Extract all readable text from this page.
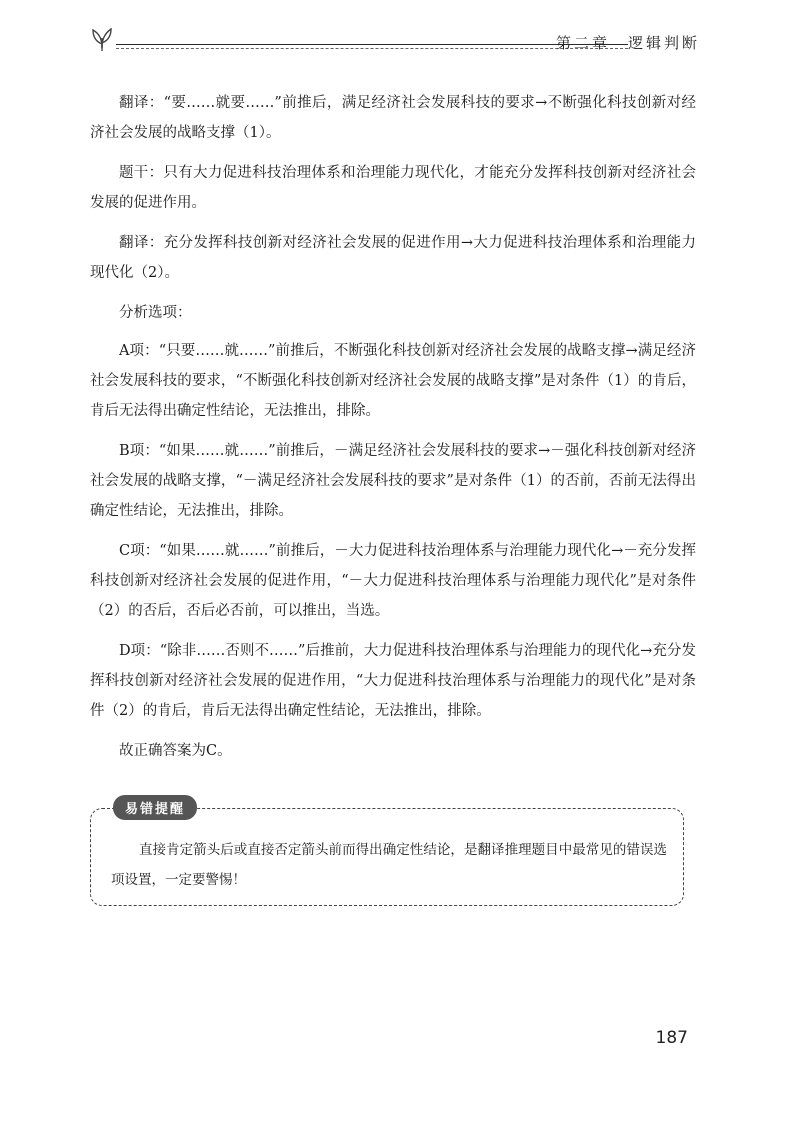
第二章　逻辑判断

翻译：“要……就要……”前推后，满足经济社会发展科技的要求→不断强化科技创新对经济社会发展的战略支撑（1）。

题干：只有大力促进科技治理体系和治理能力现代化，才能充分发挥科技创新对经济社会发展的促进作用。

翻译：充分发挥科技创新对经济社会发展的促进作用→大力促进科技治理体系和治理能力现代化（2）。

分析选项：

A项：“只要……就……”前推后，不断强化科技创新对经济社会发展的战略支撑→满足经济社会发展科技的要求，“不断强化科技创新对经济社会发展的战略支撑”是对条件（1）的肯后，肯后无法得出确定性结论，无法推出，排除。

B项：“如果……就……”前推后，－满足经济社会发展科技的要求→－强化科技创新对经济社会发展的战略支撑，“－满足经济社会发展科技的要求”是对条件（1）的否前，否前无法得出确定性结论，无法推出，排除。

C项：“如果……就……”前推后，－大力促进科技治理体系与治理能力现代化→－充分发挥科技创新对经济社会发展的促进作用，“－大力促进科技治理体系与治理能力现代化”是对条件（2）的否后，否后必否前，可以推出，当选。

D项：“除非……否则不……”后推前，大力促进科技治理体系与治理能力的现代化→充分发挥科技创新对经济社会发展的促进作用，“大力促进科技治理体系与治理能力的现代化”是对条件（2）的肯后，肯后无法得出确定性结论，无法推出，排除。

故正确答案为C。

易错提醒
直接肯定箭头后或直接否定箭头前而得出确定性结论，是翻译推理题目中最常见的错误选项设置，一定要警惕！
187
